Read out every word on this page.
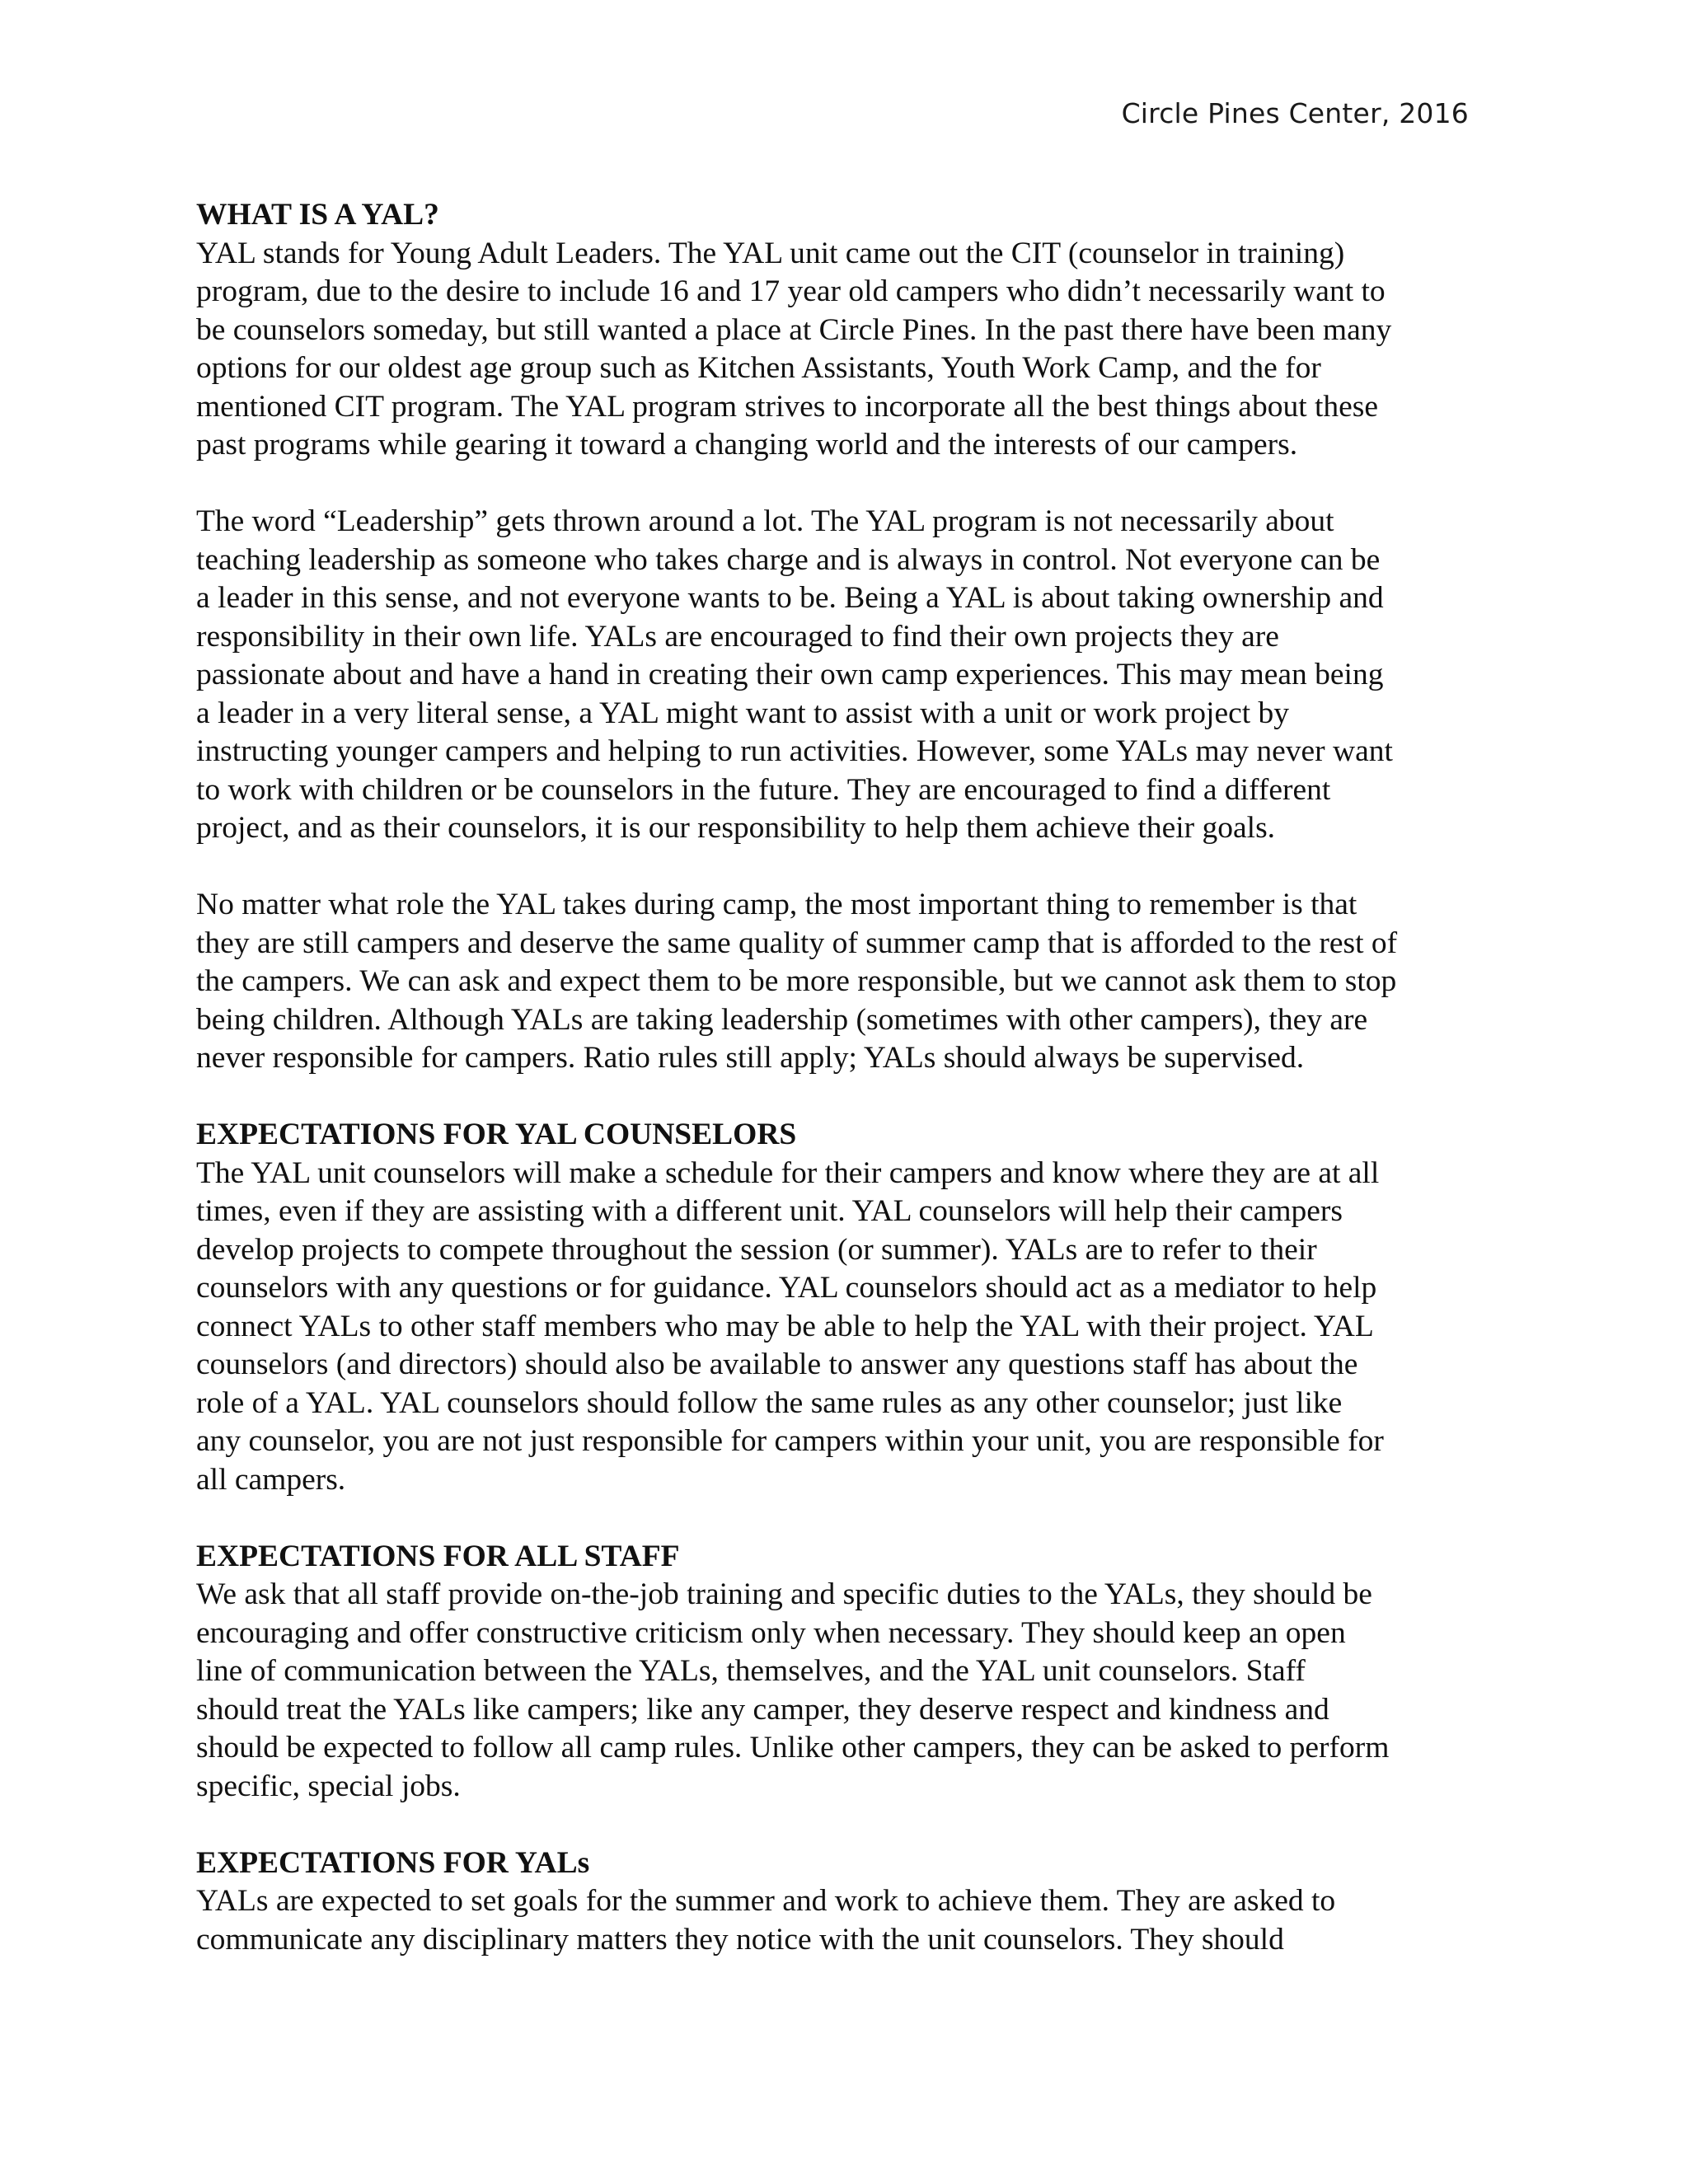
Circle Pines Center, 2016
WHAT IS A YAL?

YAL stands for Young Adult Leaders. The YAL unit came out the CIT (counselor in training)
program, due to the desire to include 16 and 17 year old campers who didn’t necessarily want to
be counselors someday, but still wanted a place at Circle Pines. In the past there have been many
options for our oldest age group such as Kitchen Assistants, Youth Work Camp, and the for
mentioned CIT program. The YAL program strives to incorporate all the best things about these
past programs while gearing it toward a changing world and the interests of our campers.

The word “Leadership” gets thrown around a lot. The YAL program is not necessarily about
teaching leadership as someone who takes charge and is always in control. Not everyone can be
a leader in this sense, and not everyone wants to be. Being a YAL is about taking ownership and
responsibility in their own life. YALs are encouraged to find their own projects they are
passionate about and have a hand in creating their own camp experiences. This may mean being
a leader in a very literal sense, a YAL might want to assist with a unit or work project by
instructing younger campers and helping to run activities. However, some YALs may never want
to work with children or be counselors in the future. They are encouraged to find a different
project, and as their counselors, it is our responsibility to help them achieve their goals.

No matter what role the YAL takes during camp, the most important thing to remember is that
they are still campers and deserve the same quality of summer camp that is afforded to the rest of
the campers. We can ask and expect them to be more responsible, but we cannot ask them to stop
being children. Although YALs are taking leadership (sometimes with other campers), they are
never responsible for campers. Ratio rules still apply; YALs should always be supervised.

EXPECTATIONS FOR YAL COUNSELORS

The YAL unit counselors will make a schedule for their campers and know where they are at all
times, even if they are assisting with a different unit. YAL counselors will help their campers
develop projects to compete throughout the session (or summer). YALs are to refer to their
counselors with any questions or for guidance. YAL counselors should act as a mediator to help
connect YALs to other staff members who may be able to help the YAL with their project. YAL
counselors (and directors) should also be available to answer any questions staff has about the
role of a YAL. YAL counselors should follow the same rules as any other counselor; just like
any counselor, you are not just responsible for campers within your unit, you are responsible for
all campers.

EXPECTATIONS FOR ALL STAFF

We ask that all staff provide on-the-job training and specific duties to the YALs, they should be
encouraging and offer constructive criticism only when necessary. They should keep an open
line of communication between the YALs, themselves, and the YAL unit counselors. Staff
should treat the YALs like campers; like any camper, they deserve respect and kindness and
should be expected to follow all camp rules. Unlike other campers, they can be asked to perform
specific, special jobs.

EXPECTATIONS FOR YALs

YALs are expected to set goals for the summer and work to achieve them. They are asked to
communicate any disciplinary matters they notice with the unit counselors. They should
